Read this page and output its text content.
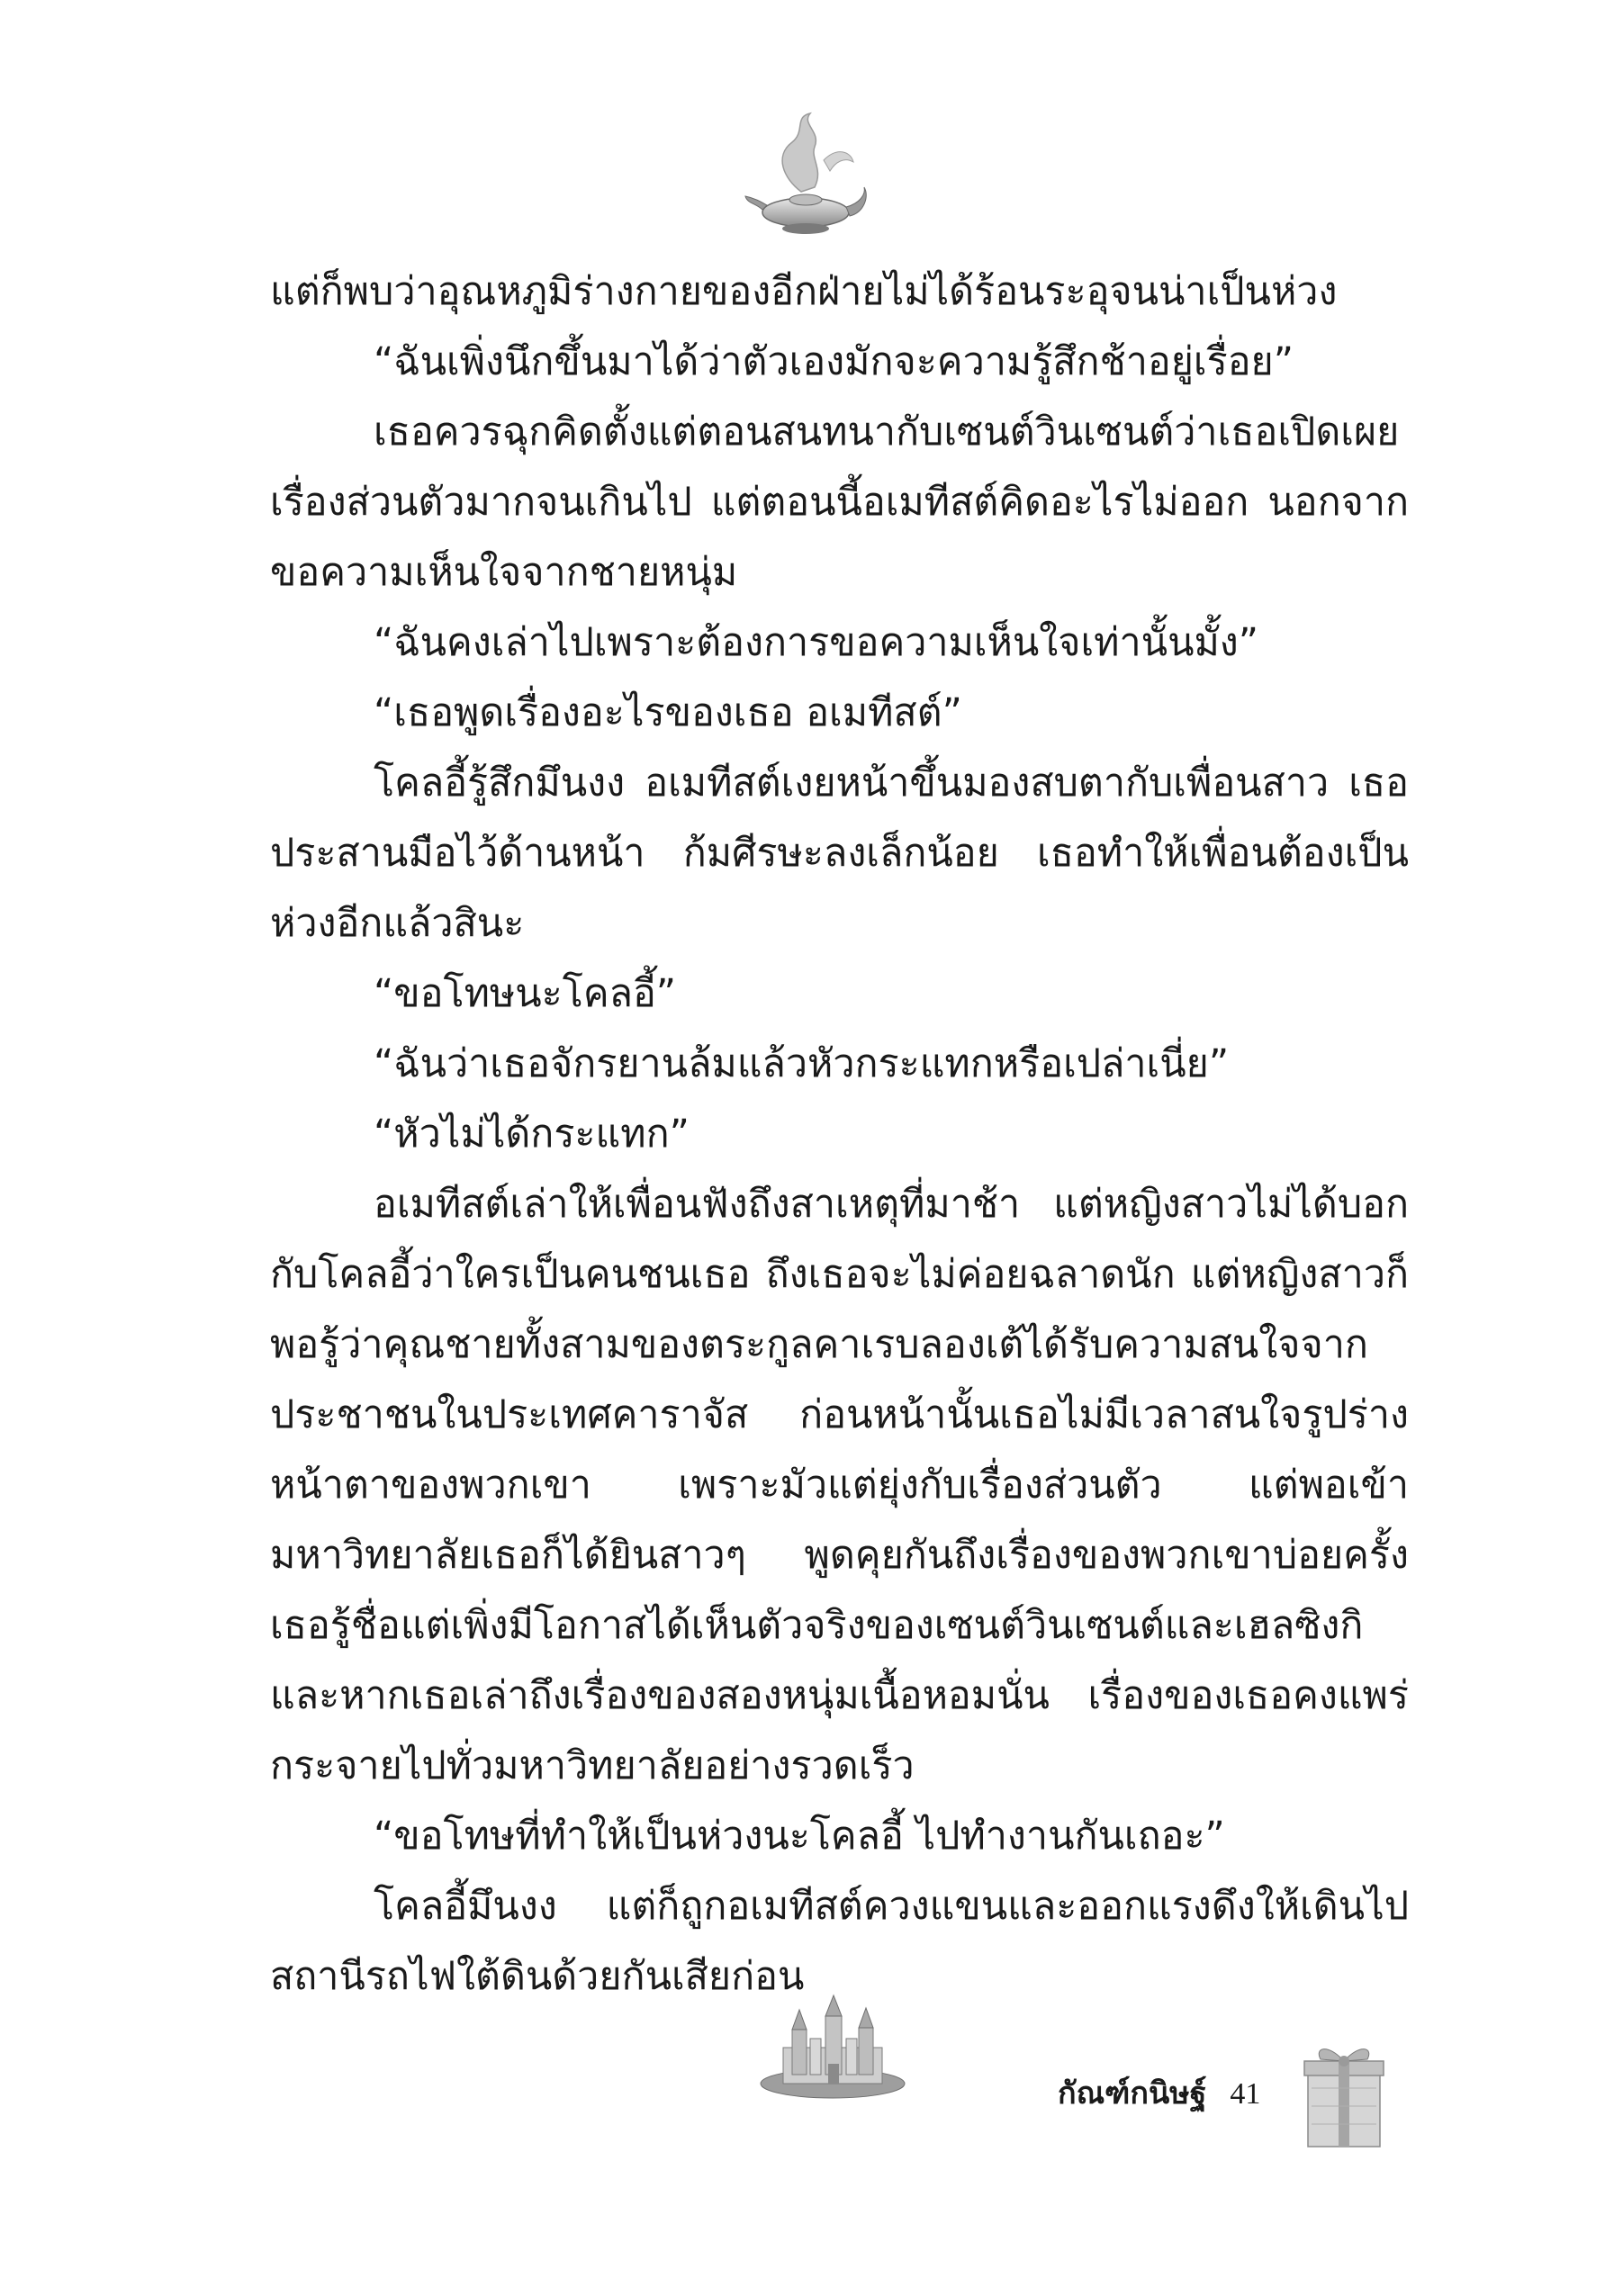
แต่ก็พบว่าอุณหภูมิร่างกายของอีกฝ่ายไม่ได้ร้อนระอุจนน่าเป็นห่วง

“ฉันเพิ่งนึกขึ้นมาได้ว่าตัวเองมักจะความรู้สึกช้าอยู่เรื่อย”

เธอควรฉุกคิดตั้งแต่ตอนสนทนากับเซนต์วินเซนต์ว่าเธอเปิดเผยเรื่องส่วนตัวมากจนเกินไป แต่ตอนนี้อเมทีสต์คิดอะไรไม่ออก นอกจากขอความเห็นใจจากชายหนุ่ม

“ฉันคงเล่าไปเพราะต้องการขอความเห็นใจเท่านั้นมั้ง”

“เธอพูดเรื่องอะไรของเธอ อเมทีสต์”

โคลอี้รู้สึกมึนงง อเมทีสต์เงยหน้าขึ้นมองสบตากับเพื่อนสาว เธอประสานมือไว้ด้านหน้า ก้มศีรษะลงเล็กน้อย เธอทำให้เพื่อนต้องเป็นห่วงอีกแล้วสินะ

“ขอโทษนะโคลอี้”

“ฉันว่าเธอจักรยานล้มแล้วหัวกระแทกหรือเปล่าเนี่ย”

“หัวไม่ได้กระแทก”

อเมทีสต์เล่าให้เพื่อนฟังถึงสาเหตุที่มาช้า แต่หญิงสาวไม่ได้บอกกับโคลอี้ว่าใครเป็นคนชนเธอ ถึงเธอจะไม่ค่อยฉลาดนัก แต่หญิงสาวก็พอรู้ว่าคุณชายทั้งสามของตระกูลคาเรบลองเต้ได้รับความสนใจจากประชาชนในประเทศคาราจัส ก่อนหน้านั้นเธอไม่มีเวลาสนใจรูปร่างหน้าตาของพวกเขา เพราะมัวแต่ยุ่งกับเรื่องส่วนตัว แต่พอเข้ามหาวิทยาลัยเธอก็ได้ยินสาวๆ พูดคุยกันถึงเรื่องของพวกเขาบ่อยครั้ง เธอรู้ชื่อแต่เพิ่งมีโอกาสได้เห็นตัวจริงของเซนต์วินเซนต์และเฮลซิงกิ และหากเธอเล่าถึงเรื่องของสองหนุ่มเนื้อหอมนั่น เรื่องของเธอคงแพร่กระจายไปทั่วมหาวิทยาลัยอย่างรวดเร็ว

“ขอโทษที่ทำให้เป็นห่วงนะโคลอี้ ไปทำงานกันเถอะ”

โคลอี้มึนงง แต่ก็ถูกอเมทีสต์ควงแขนและออกแรงดึงให้เดินไปสถานีรถไฟใต้ดินด้วยกันเสียก่อน

กัณฑ์กนิษฐ์ 41
